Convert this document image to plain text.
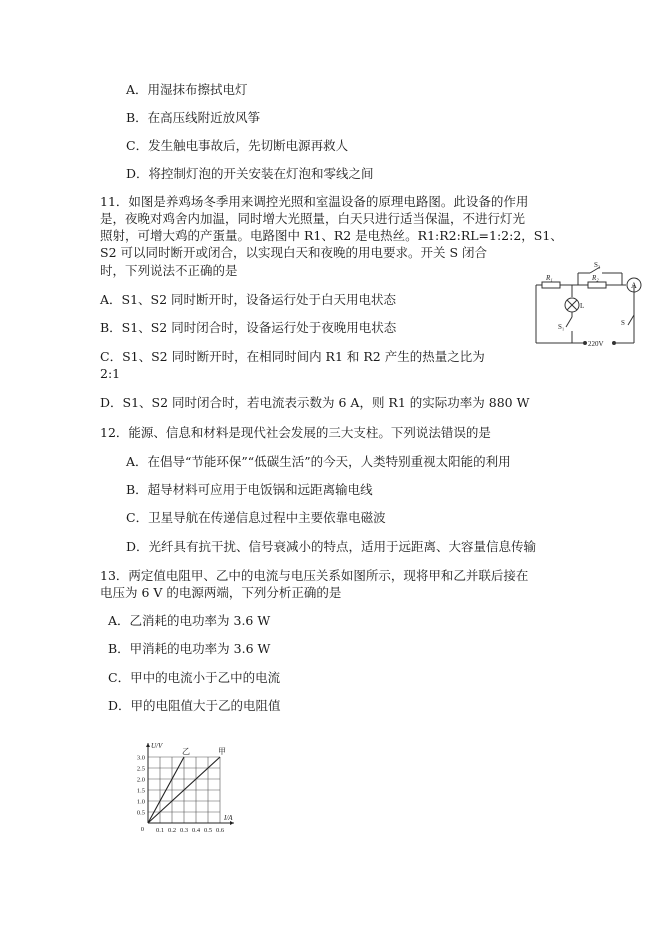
A．用湿抹布擦拭电灯
B．在高压线附近放风筝
C．发生触电事故后，先切断电源再救人
D．将控制灯泡的开关安装在灯泡和零线之间
11．如图是养鸡场冬季用来调控光照和室温设备的原理电路图。此设备的作用
是，夜晚对鸡舍内加温，同时增大光照量，白天只进行适当保温，不进行灯光
照射，可增大鸡的产蛋量。电路图中 R1、R2 是电热丝。R1:R2:RL=1:2:2，S1、
S2 可以同时断开或闭合，以实现白天和夜晚的用电要求。开关 S 闭合
时，下列说法不正确的是
A．S1、S2 同时断开时，设备运行处于白天用电状态
B．S1、S2 同时闭合时，设备运行处于夜晚用电状态
C．S1、S2 同时断开时，在相同时间内 R1 和 R2 产生的热量之比为
2:1
D．S1、S2 同时闭合时，若电流表示数为 6 A，则 R1 的实际功率为 880 W
R₁	R₂
L
A
S₁
S₂
S
220V
12．能源、信息和材料是现代社会发展的三大支柱。下列说法错误的是
A．在倡导“节能环保”“低碳生活”的今天，人类特别重视太阳能的利用
B．超导材料可应用于电饭锅和远距离输电线
C．卫星导航在传递信息过程中主要依靠电磁波
D．光纤具有抗干扰、信号衰减小的特点，适用于远距离、大容量信息传输
13．两定值电阻甲、乙中的电流与电压关系如图所示，现将甲和乙并联后接在
电压为 6 V 的电源两端，下列分析正确的是
A．乙消耗的电功率为 3.6 W
B．甲消耗的电功率为 3.6 W
C．甲中的电流小于乙中的电流
D．甲的电阻值大于乙的电阻值
乙	甲
0.1 0.2 0.3 0.4 0.5 0.6
0.5
1.0
1.5
2.0
2.5
3.0
0
I/A
U/V
